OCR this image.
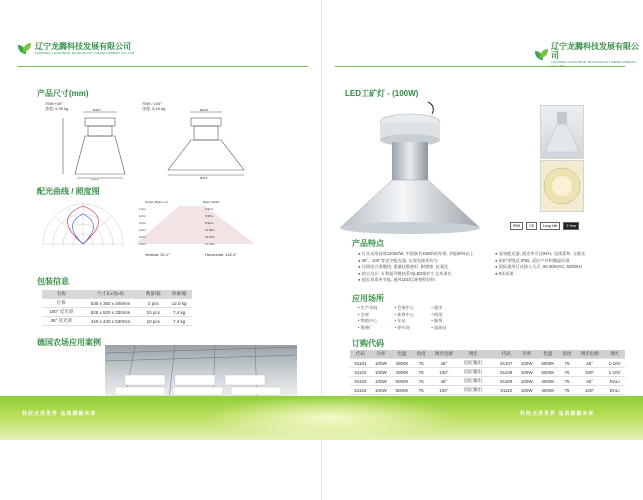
辽宁龙腾科技发展有限公司
LIAONING LONGTENG TECHNOLOGY DEVELOPMENT CO.,LTD
辽宁龙腾科技发展有限公司
LIAONING LONGTENG TECHNOLOGY DEVELOPMENT
产品尺寸(mm)
75W/+45°
净重: 5.35 kg
75W / 100°
净重: 5.19 kg
Ø48.7
Ø418
Ø60.5
Ø418
配光曲线 / 照度图
Center Beam Lux	Beam Width
1.0m	2.97m
2.0m	5.95m
3.0m	8.92m
4.0m	11.89m
5.0m	14.87m
6.0m	17.84m
Vertical: 52.1°	Horizontal: 142.4°
包装信息
名称	尺寸长x宽x高	数量/箱	净重/箱
灯体	530 x 350 x 400mm	2 pcs	12.0 kg
100° 反光罩	525 x 520 x 330mm	10 pcs	7.4 kg
45° 反光罩	440 x 440 x 530mm	10 pcs	7.4 kg
德国农场应用案例
LED工矿灯 - (100W)
IP65	CE	Long Life	5 Year
产品特点
● 灯具采用高效120lm/W, 中国独有1500h的寿命, 节能60%以上
● 45°、100°等光学配光器, 实现光斑更均匀
● 压铸铝合金散热, 重量轻散热好, 耐腐蚀, 抗氧化
● 防尘设计, 专利超导散热系统LED维护少且寿命长
● 超长寿命更节能, 通风LED灯源独特结构
● 高效配光器, 透光率可达94%, 光线柔和, 无眩光
● 防护等级达 IP65, 适应户外和潮湿环境
● 国际通用灯具接入方式, 90-305VAC, 50/60Hz
● 5年质保
应用场所
• 生产车间	• 会展中心	• 超市
• 仓库	• 体育中心	• 机场
• 物流中心	• 车站	• 船坞
• 维修厂	• 停车场	• 加油站
订购代码
代码	功率	色温	角度	调光电源	调光		代码	功率	色温	角度	调光电源	调光
81101	100W	4000K	75	45°	固定输出		81107	100W	5000K	75	45°	1-10V
81102	100W	4000K	75	100°	固定输出		81108	100W	5000K	75	100°	1-10V
81103	100W	5000K	75	45°	固定输出		81109	100W	4000K	75	45°	DALI
81104	100W	5000K	75	100°	固定输出		81110	100W	4000K	75	100°	DALI

科技点亮世界 品质凝聚未来	科技点亮世界 品质凝聚未来
